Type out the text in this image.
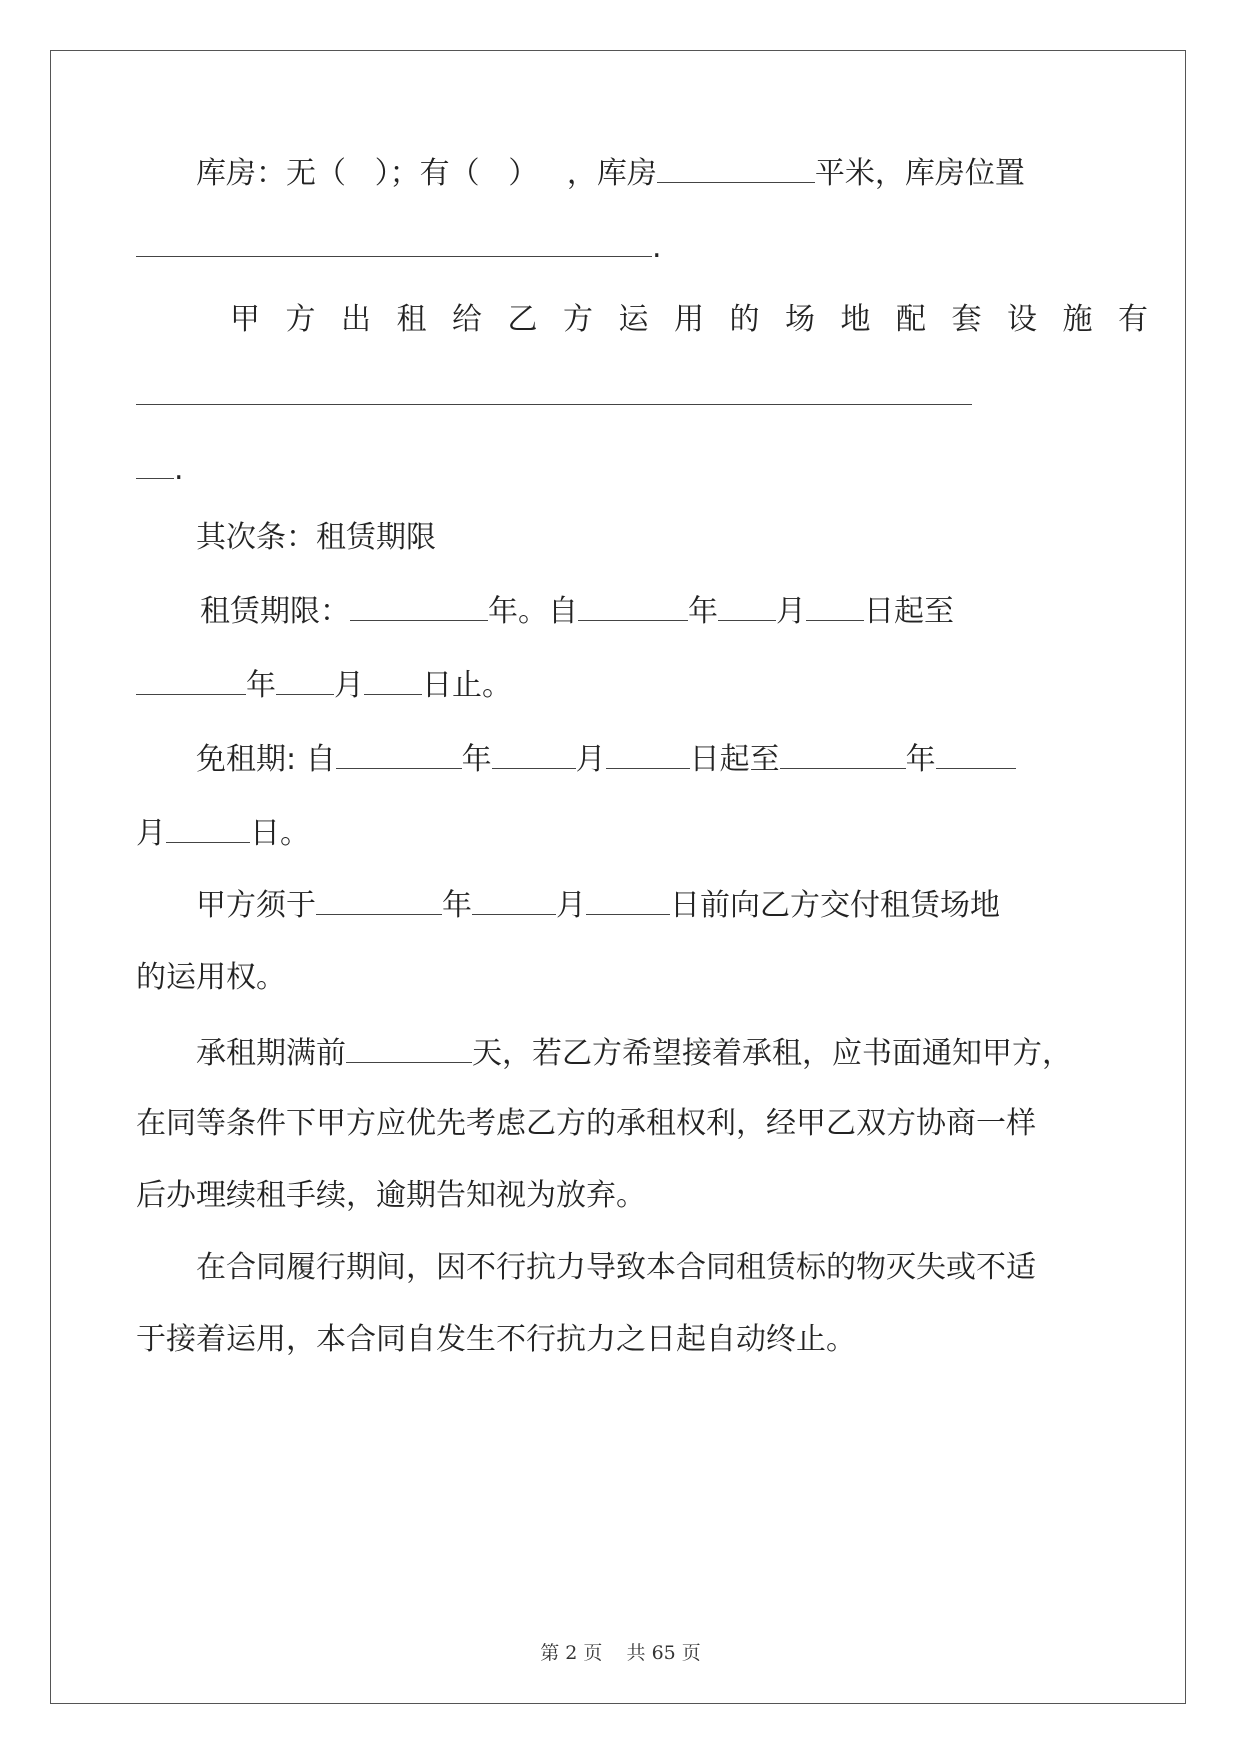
库房：无（   ）；有（   ）   ，库房	平米，库房位置

.

甲方出租给乙方运用的场地配套设施有

.

其次条：租赁期限

租赁期限：	年。自	年 月 日起至

年 月 日止。

免租期: 自	年	月	日起至	年

月	日。

甲方须于	年	月	日前向乙方交付租赁场地

的运用权。

承租期满前	天，若乙方希望接着承租，应书面通知甲方，

在同等条件下甲方应优先考虑乙方的承租权利，经甲乙双方协商一样

后办理续租手续，逾期告知视为放弃。

在合同履行期间，因不行抗力导致本合同租赁标的物灭失或不适

于接着运用，本合同自发生不行抗力之日起自动终止。

第 2 页    共 65 页
